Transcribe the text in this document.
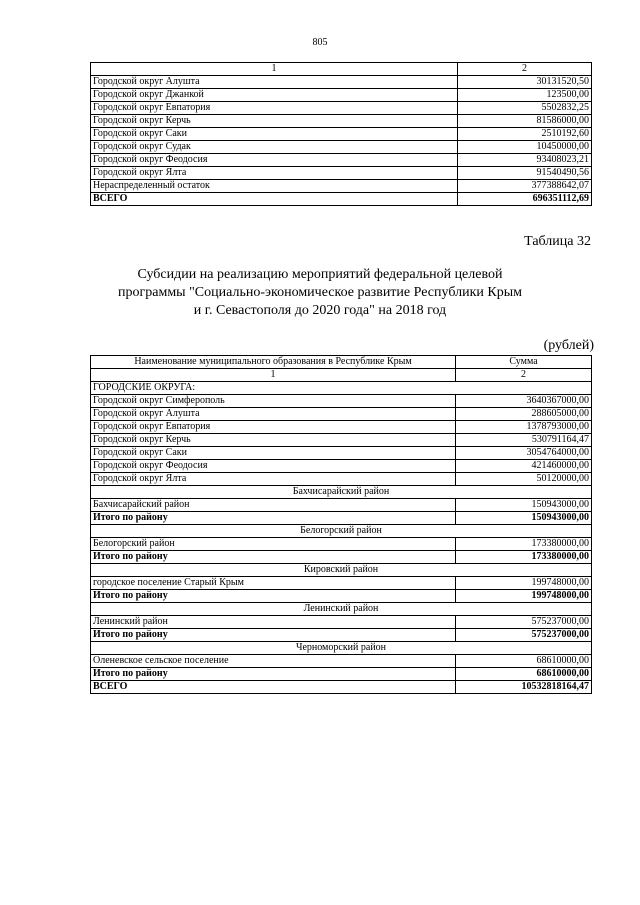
805
1	2
Городской округ Алушта	30131520,50
Городской округ Джанкой	123500,00
Городской округ Евпатория	5502832,25
Городской округ Керчь	81586000,00
Городской округ Саки	2510192,60
Городской округ Судак	10450000,00
Городской округ Феодосия	93408023,21
Городской округ Ялта	91540490,56
Нераспределенный остаток	377388642,07
ВСЕГО	696351112,69
Таблица 32
Субсидии на реализацию мероприятий федеральной целевой
программы "Социально-экономическое развитие Республики Крым
и г. Севастополя до 2020 года" на 2018 год
(рублей)
Наименование муниципального образования в Республике Крым	Сумма
1	2
ГОРОДСКИЕ ОКРУГА:	
Городской округ Симферополь	3640367000,00
Городской округ Алушта	288605000,00
Городской округ Евпатория	1378793000,00
Городской округ Керчь	530791164,47
Городской округ Саки	3054764000,00
Городской округ Феодосия	421460000,00
Городской округ Ялта	50120000,00
Бахчисарайский район	
Бахчисарайский район	150943000,00
Итого по району	150943000,00
Белогорский район	
Белогорский район	173380000,00
Итого по району	173380000,00
Кировский район	
городское поселение Старый Крым	199748000,00
Итого по району	199748000,00
Ленинский район	
Ленинский район	575237000,00
Итого по району	575237000,00
Черноморский район	
Оленевское сельское поселение	68610000,00
Итого по району	68610000,00
ВСЕГО	10532818164,47
